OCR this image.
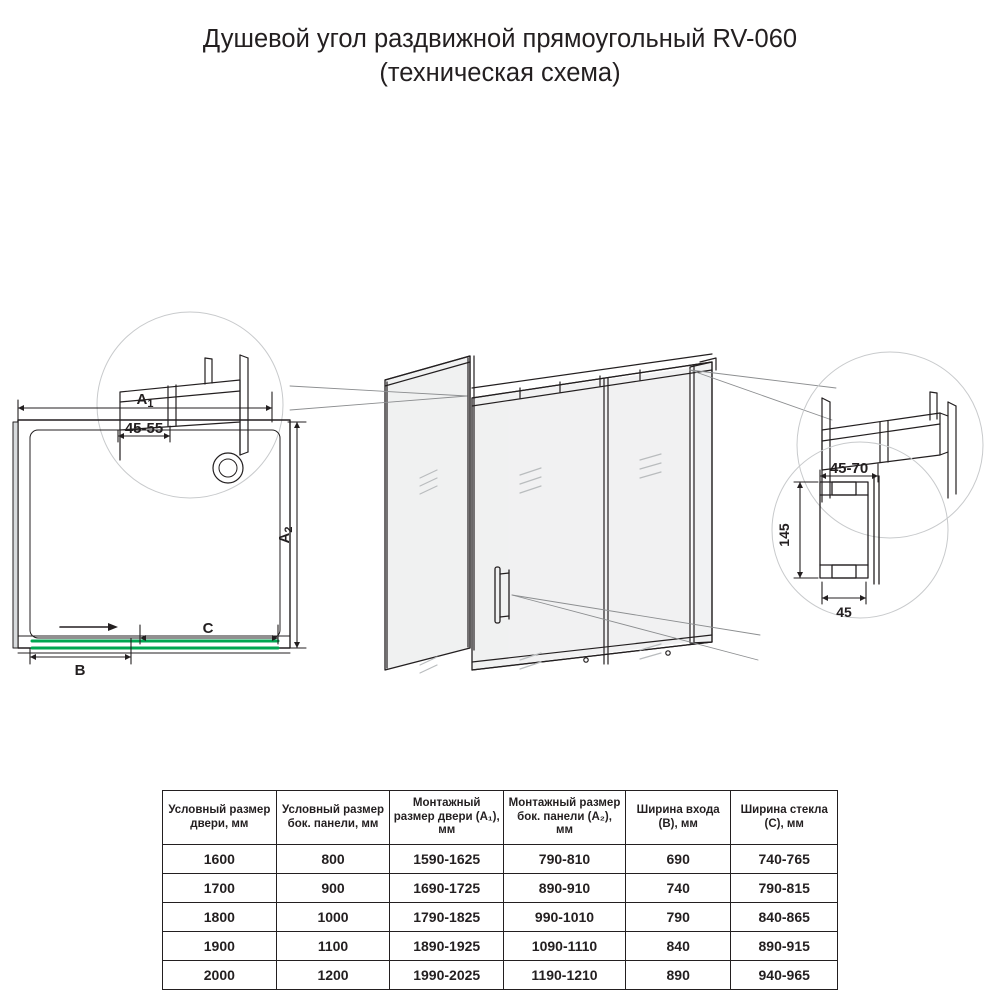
Душевой угол раздвижной прямоугольный RV-060
(техническая схема)
45-55
45-70
145
45
$A_1$
$A_2$
C
B
Условный размер двери, мм	Условный размер бок. панели, мм	Монтажный размер двери (A₁), мм	Монтажный размер бок. панели (A₂), мм	Ширина входа (B), мм	Ширина стекла (C), мм
1600	800	1590-1625	790-810	690	740-765
1700	900	1690-1725	890-910	740	790-815
1800	1000	1790-1825	990-1010	790	840-865
1900	1100	1890-1925	1090-1110	840	890-915
2000	1200	1990-2025	1190-1210	890	940-965
